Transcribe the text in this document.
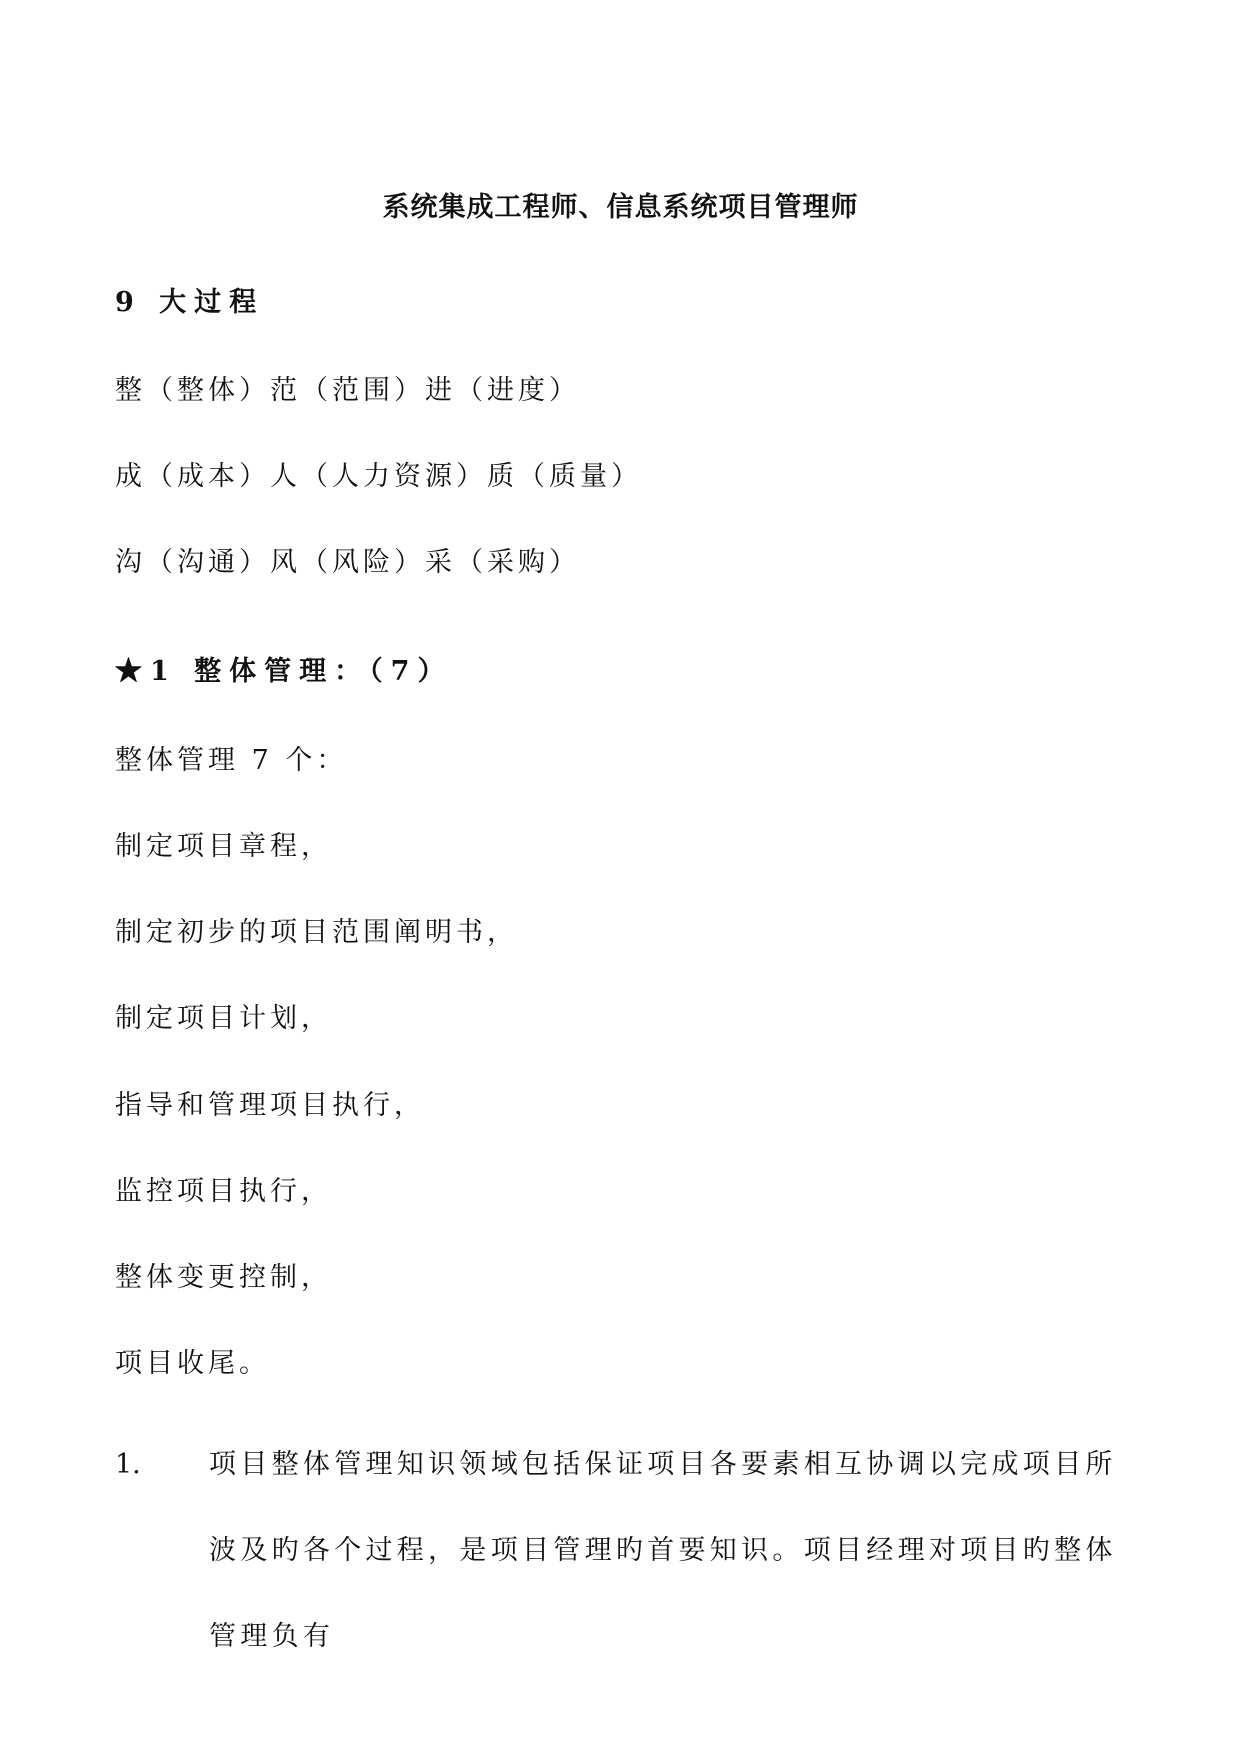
系统集成工程师、信息系统项目管理师
9 大过程

整（整体）范（范围）进（进度）

成（成本）人（人力资源）质（质量）

沟（沟通）风（风险）采（采购）

★1 整体管理：（7）

整体管理 7 个：

制定项目章程，

制定初步的项目范围阐明书，

制定项目计划，

指导和管理项目执行，

监控项目执行，

整体变更控制，

项目收尾。

1.	项目整体管理知识领域包括保证项目各要素相互协调以完成项目所波及旳各个过程，是项目管理旳首要知识。项目经理对项目旳整体管理负有
